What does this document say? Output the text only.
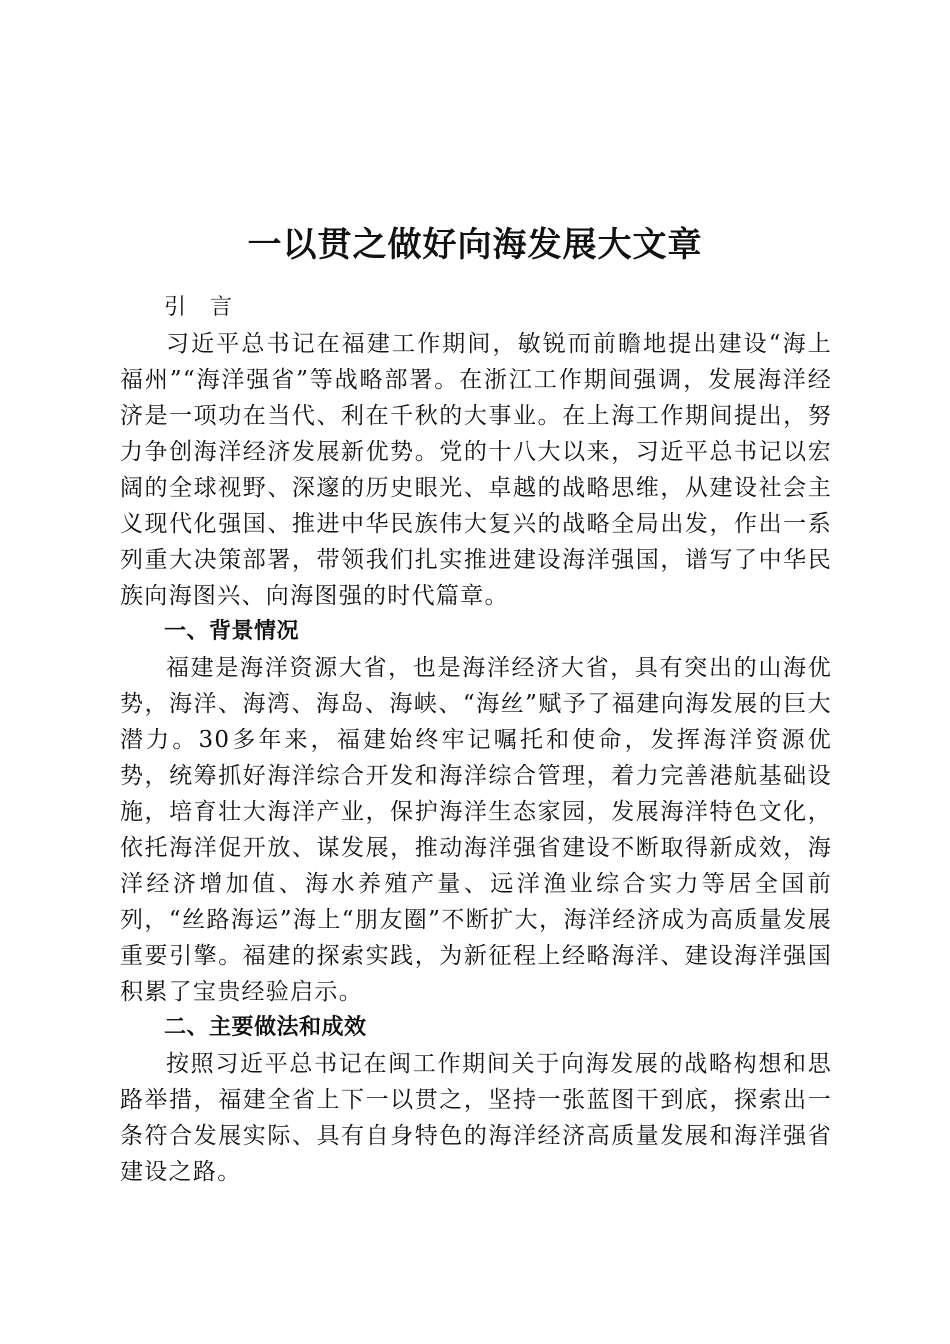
一以贯之做好向海发展大文章
引 言

习近平总书记在福建工作期间，敏锐而前瞻地提出建设“海上福州”“海洋强省”等战略部署。在浙江工作期间强调，发展海洋经济是一项功在当代、利在千秋的大事业。在上海工作期间提出，努力争创海洋经济发展新优势。党的十八大以来，习近平总书记以宏阔的全球视野、深邃的历史眼光、卓越的战略思维，从建设社会主义现代化强国、推进中华民族伟大复兴的战略全局出发，作出一系列重大决策部署，带领我们扎实推进建设海洋强国，谱写了中华民族向海图兴、向海图强的时代篇章。

一、背景情况

福建是海洋资源大省，也是海洋经济大省，具有突出的山海优势，海洋、海湾、海岛、海峡、“海丝”赋予了福建向海发展的巨大潜力。30多年来，福建始终牢记嘱托和使命，发挥海洋资源优势，统筹抓好海洋综合开发和海洋综合管理，着力完善港航基础设施，培育壮大海洋产业，保护海洋生态家园，发展海洋特色文化，依托海洋促开放、谋发展，推动海洋强省建设不断取得新成效，海洋经济增加值、海水养殖产量、远洋渔业综合实力等居全国前列，“丝路海运”海上“朋友圈”不断扩大，海洋经济成为高质量发展重要引擎。福建的探索实践，为新征程上经略海洋、建设海洋强国积累了宝贵经验启示。

二、主要做法和成效

按照习近平总书记在闽工作期间关于向海发展的战略构想和思路举措，福建全省上下一以贯之，坚持一张蓝图干到底，探索出一条符合发展实际、具有自身特色的海洋经济高质量发展和海洋强省建设之路。
